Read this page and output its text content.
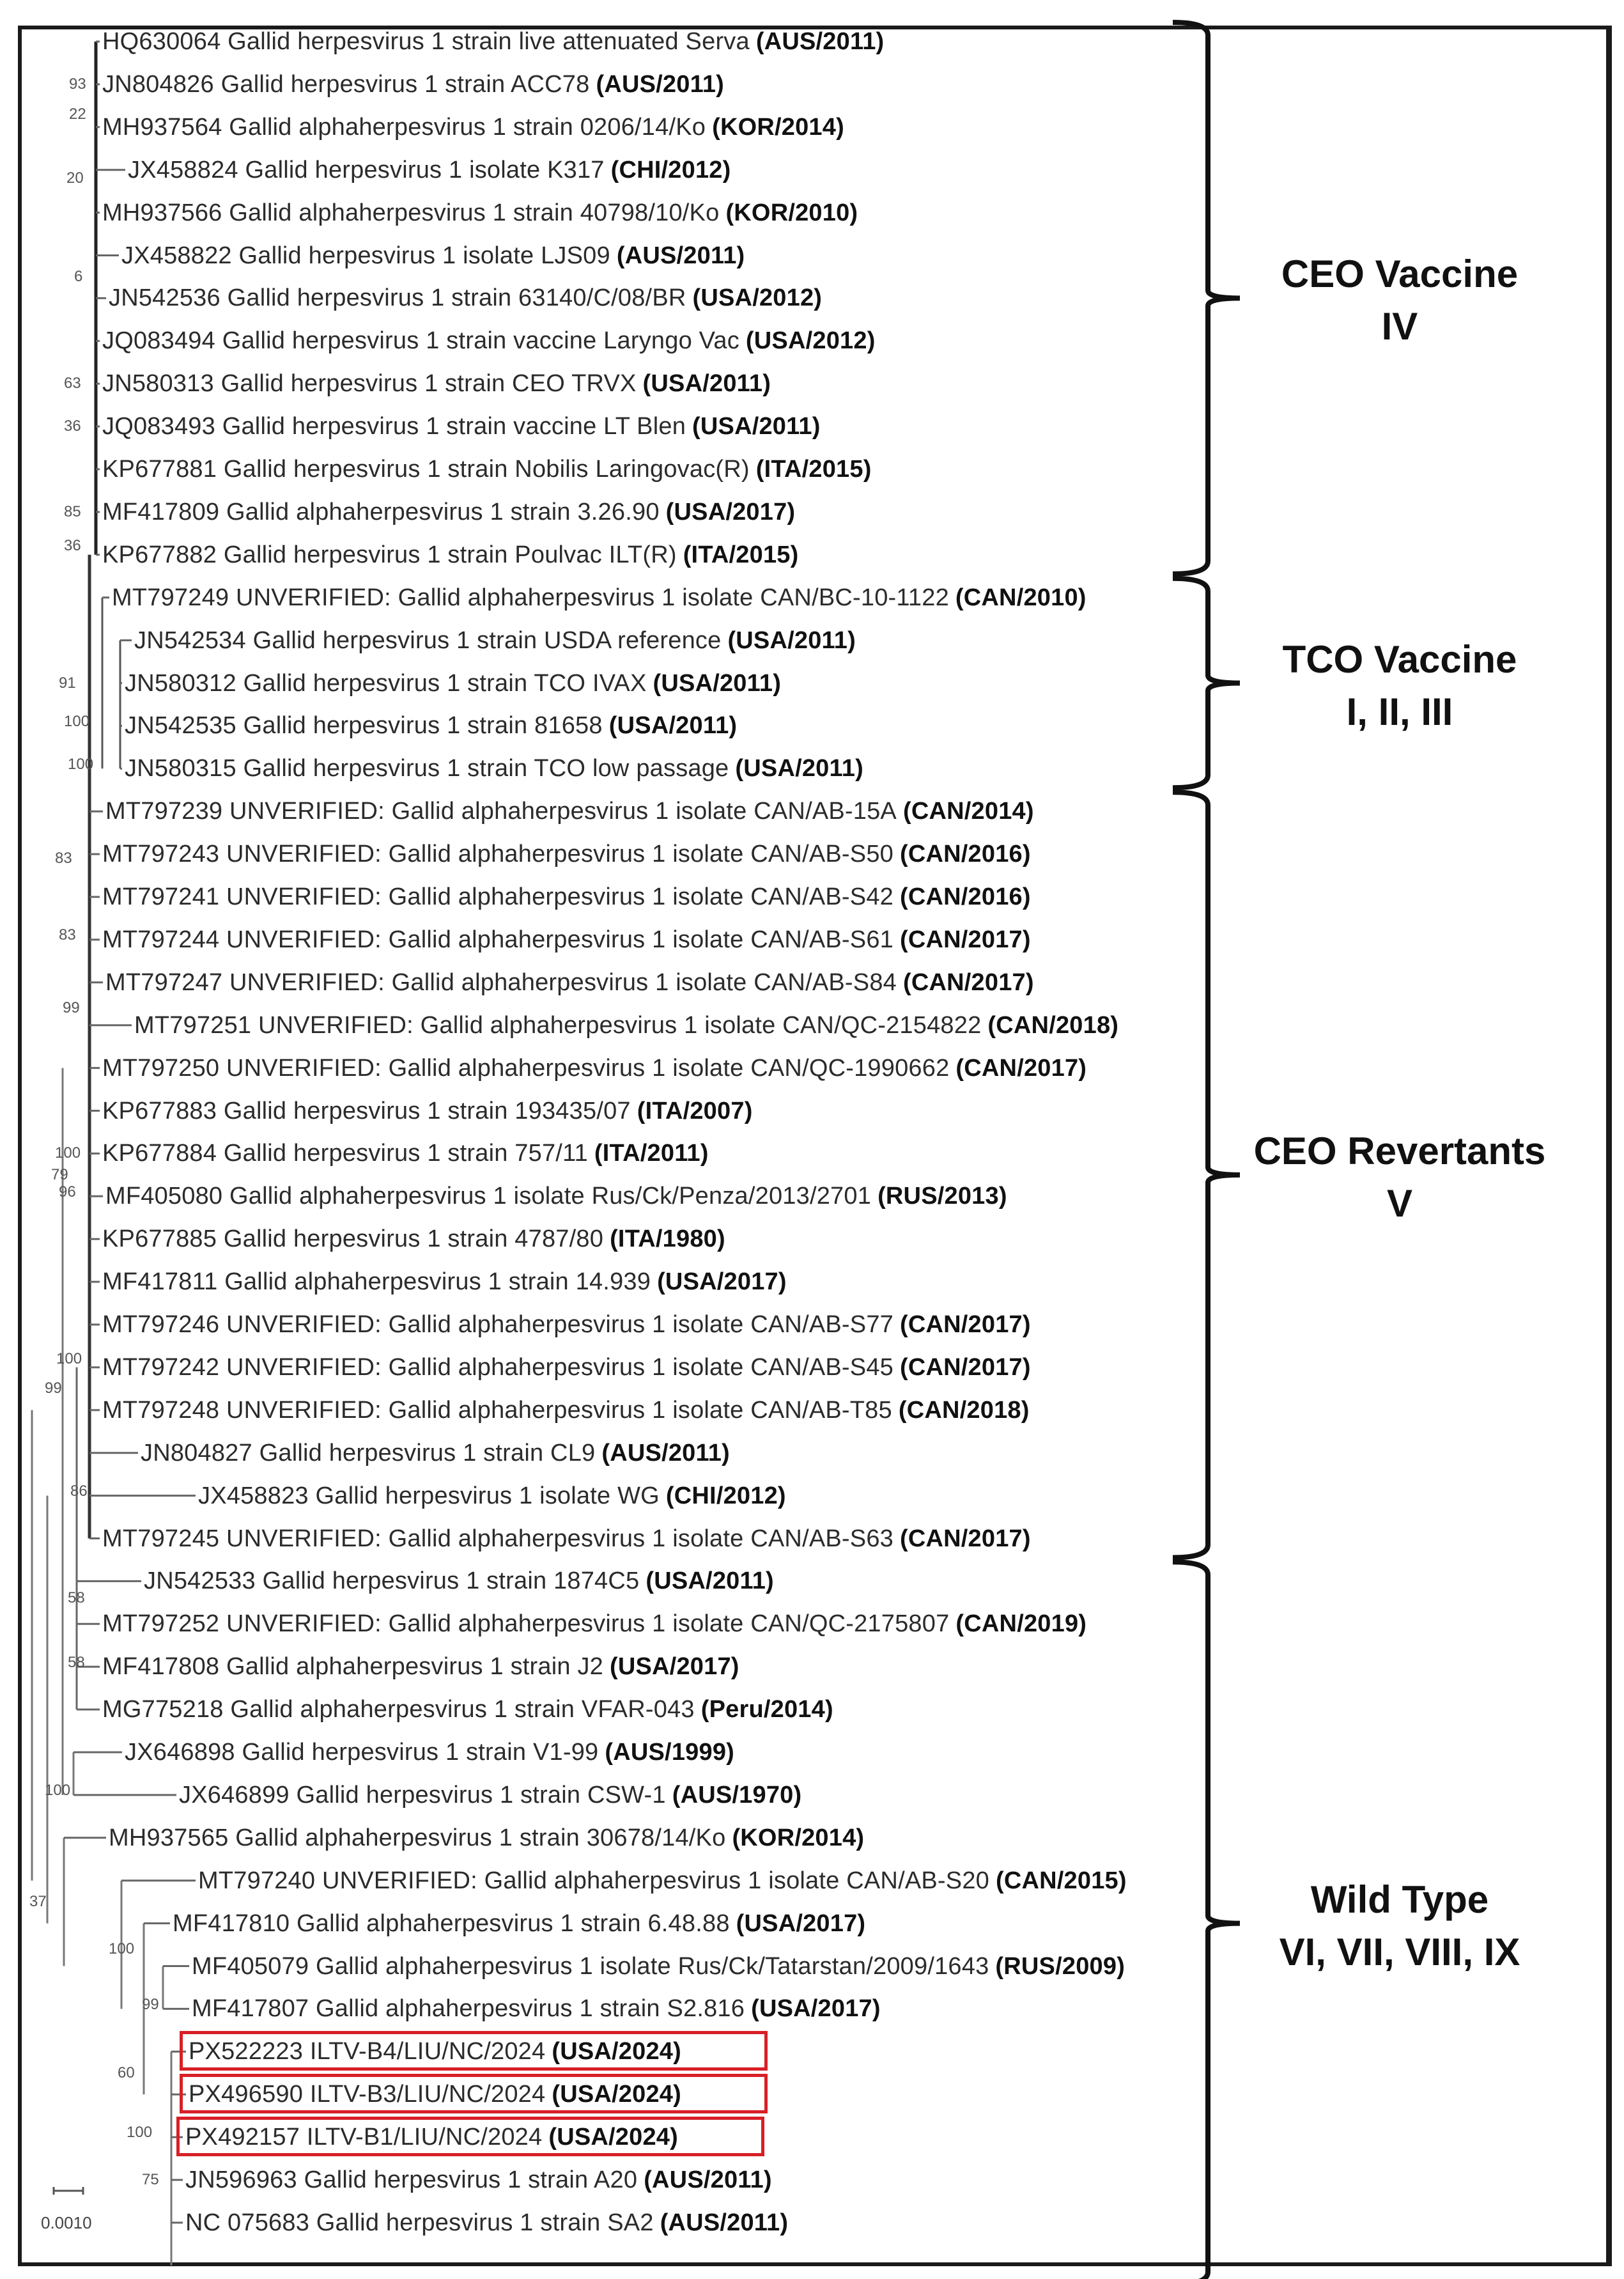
HQ630064 Gallid herpesvirus 1 strain live attenuated Serva (AUS/2011)
JN804826 Gallid herpesvirus 1 strain ACC78 (AUS/2011)
MH937564 Gallid alphaherpesvirus 1 strain 0206/14/Ko (KOR/2014)
JX458824 Gallid herpesvirus 1 isolate K317 (CHI/2012)
MH937566 Gallid alphaherpesvirus 1 strain 40798/10/Ko (KOR/2010)
JX458822 Gallid herpesvirus 1 isolate LJS09 (AUS/2011)
JN542536 Gallid herpesvirus 1 strain 63140/C/08/BR (USA/2012)
JQ083494 Gallid herpesvirus 1 strain vaccine Laryngo Vac (USA/2012)
JN580313 Gallid herpesvirus 1 strain CEO TRVX (USA/2011)
JQ083493 Gallid herpesvirus 1 strain vaccine LT Blen (USA/2011)
KP677881 Gallid herpesvirus 1 strain Nobilis Laringovac(R) (ITA/2015)
MF417809 Gallid alphaherpesvirus 1 strain 3.26.90 (USA/2017)
KP677882 Gallid herpesvirus 1 strain Poulvac ILT(R) (ITA/2015)
MT797249 UNVERIFIED: Gallid alphaherpesvirus 1 isolate CAN/BC-10-1122 (CAN/2010)
JN542534 Gallid herpesvirus 1 strain USDA reference (USA/2011)
JN580312 Gallid herpesvirus 1 strain TCO IVAX (USA/2011)
JN542535 Gallid herpesvirus 1 strain 81658 (USA/2011)
JN580315 Gallid herpesvirus 1 strain TCO low passage (USA/2011)
MT797239 UNVERIFIED: Gallid alphaherpesvirus 1 isolate CAN/AB-15A (CAN/2014)
MT797243 UNVERIFIED: Gallid alphaherpesvirus 1 isolate CAN/AB-S50 (CAN/2016)
MT797241 UNVERIFIED: Gallid alphaherpesvirus 1 isolate CAN/AB-S42 (CAN/2016)
MT797244 UNVERIFIED: Gallid alphaherpesvirus 1 isolate CAN/AB-S61 (CAN/2017)
MT797247 UNVERIFIED: Gallid alphaherpesvirus 1 isolate CAN/AB-S84 (CAN/2017)
MT797251 UNVERIFIED: Gallid alphaherpesvirus 1 isolate CAN/QC-2154822 (CAN/2018)
MT797250 UNVERIFIED: Gallid alphaherpesvirus 1 isolate CAN/QC-1990662 (CAN/2017)
KP677883 Gallid herpesvirus 1 strain 193435/07 (ITA/2007)
KP677884 Gallid herpesvirus 1 strain 757/11 (ITA/2011)
MF405080 Gallid alphaherpesvirus 1 isolate Rus/Ck/Penza/2013/2701 (RUS/2013)
KP677885 Gallid herpesvirus 1 strain 4787/80 (ITA/1980)
MF417811 Gallid alphaherpesvirus 1 strain 14.939 (USA/2017)
MT797246 UNVERIFIED: Gallid alphaherpesvirus 1 isolate CAN/AB-S77 (CAN/2017)
MT797242 UNVERIFIED: Gallid alphaherpesvirus 1 isolate CAN/AB-S45 (CAN/2017)
MT797248 UNVERIFIED: Gallid alphaherpesvirus 1 isolate CAN/AB-T85 (CAN/2018)
JN804827 Gallid herpesvirus 1 strain CL9 (AUS/2011)
JX458823 Gallid herpesvirus 1 isolate WG (CHI/2012)
MT797245 UNVERIFIED: Gallid alphaherpesvirus 1 isolate CAN/AB-S63 (CAN/2017)
JN542533 Gallid herpesvirus 1 strain 1874C5 (USA/2011)
MT797252 UNVERIFIED: Gallid alphaherpesvirus 1 isolate CAN/QC-2175807 (CAN/2019)
MF417808 Gallid alphaherpesvirus 1 strain J2 (USA/2017)
MG775218 Gallid alphaherpesvirus 1 strain VFAR-043 (Peru/2014)
JX646898 Gallid herpesvirus 1 strain V1-99 (AUS/1999)
JX646899 Gallid herpesvirus 1 strain CSW-1 (AUS/1970)
MH937565 Gallid alphaherpesvirus 1 strain 30678/14/Ko (KOR/2014)
MT797240 UNVERIFIED: Gallid alphaherpesvirus 1 isolate CAN/AB-S20 (CAN/2015)
MF417810 Gallid alphaherpesvirus 1 strain 6.48.88 (USA/2017)
MF405079 Gallid alphaherpesvirus 1 isolate Rus/Ck/Tatarstan/2009/1643 (RUS/2009)
MF417807 Gallid alphaherpesvirus 1 strain S2.816 (USA/2017)
PX522223 ILTV-B4/LIU/NC/2024 (USA/2024)
PX496590 ILTV-B3/LIU/NC/2024 (USA/2024)
PX492157 ILTV-B1/LIU/NC/2024 (USA/2024)
JN596963 Gallid herpesvirus 1 strain A20 (AUS/2011)
NC 075683 Gallid herpesvirus 1 strain SA2 (AUS/2011)
93
22
20
6
63
36
85
36
91
100
100
83
83
99
100
79
96
100
99
86
58
58
100
37
100
99
60
100
75
CEO Vaccine
IV
TCO Vaccine
I, II, III
CEO Revertants
V
Wild Type
VI, VII, VIII, IX
0.0010
